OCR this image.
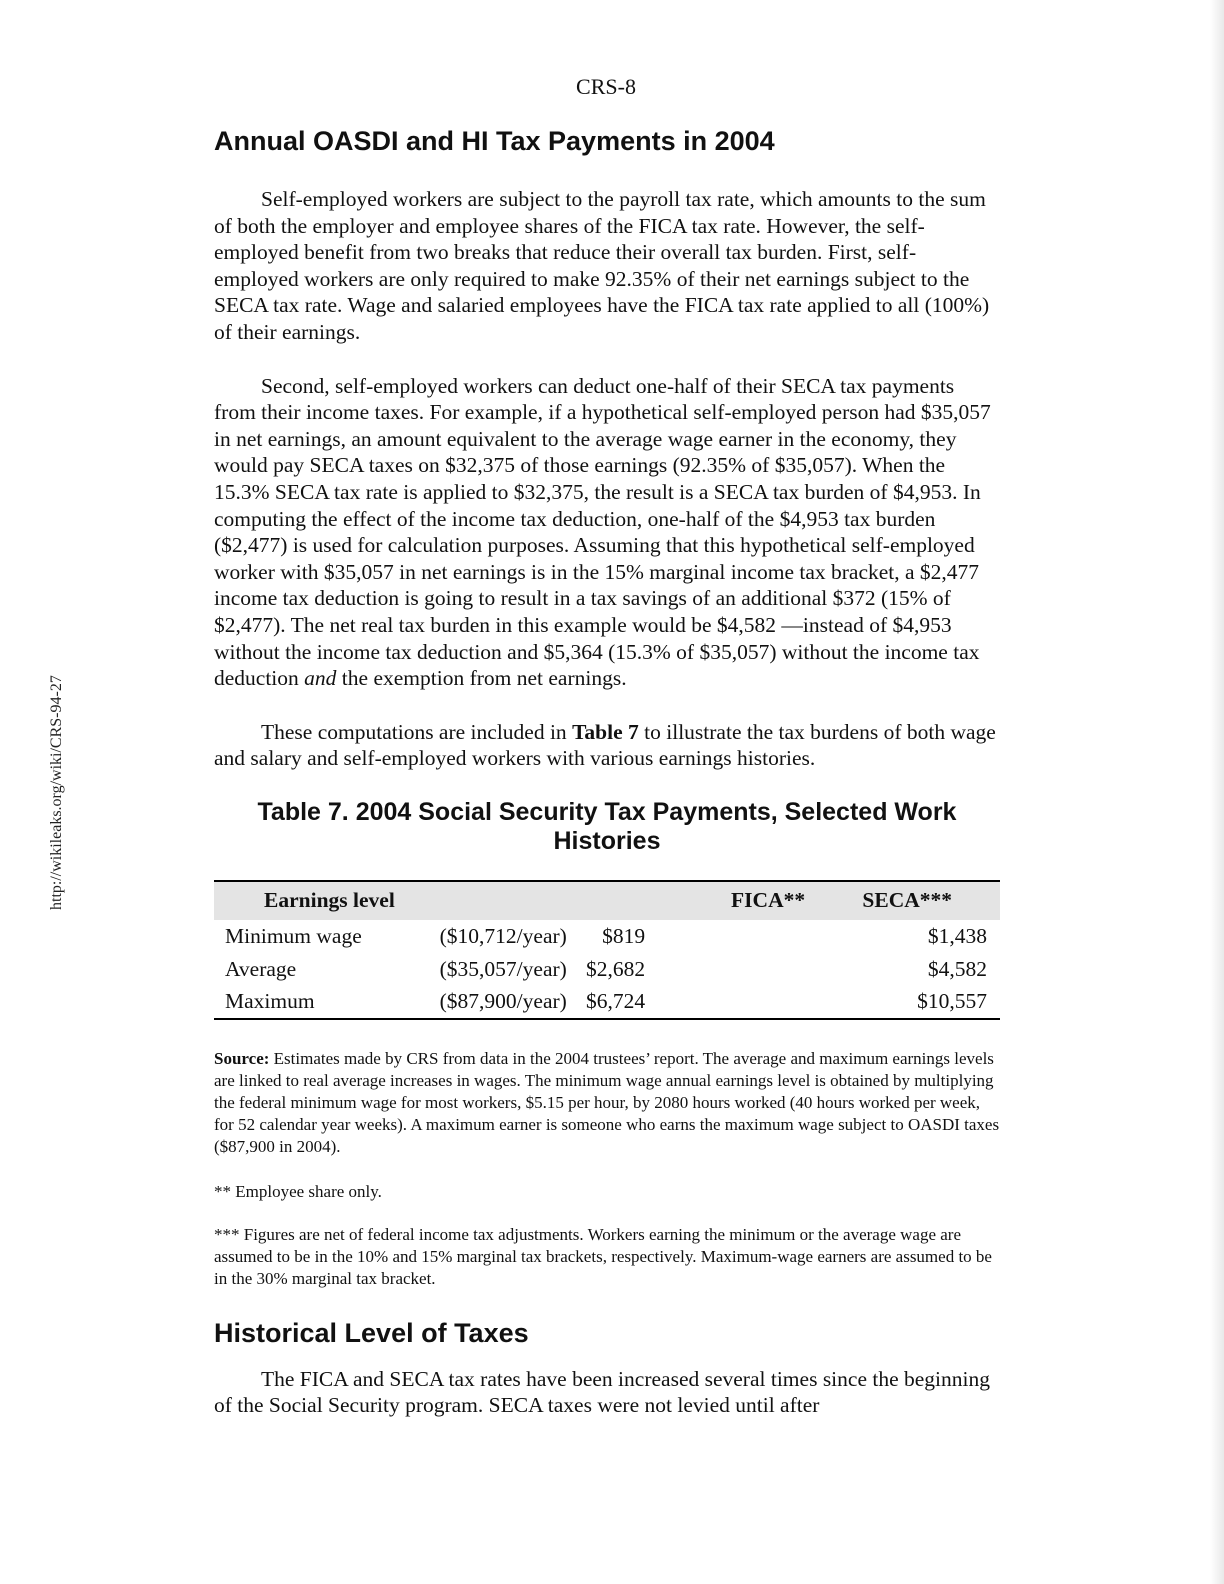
http://wikileaks.org/wiki/CRS-94-27
CRS-8
Annual OASDI and HI Tax Payments in 2004

Self-employed workers are subject to the payroll tax rate, which amounts to the sum of both the employer and employee shares of the FICA tax rate. However, the self-employed benefit from two breaks that reduce their overall tax burden. First, self-employed workers are only required to make 92.35% of their net earnings subject to the SECA tax rate. Wage and salaried employees have the FICA tax rate applied to all (100%) of their earnings.

Second, self-employed workers can deduct one-half of their SECA tax payments from their income taxes. For example, if a hypothetical self-employed person had $35,057 in net earnings, an amount equivalent to the average wage earner in the economy, they would pay SECA taxes on $32,375 of those earnings (92.35% of $35,057). When the 15.3% SECA tax rate is applied to $32,375, the result is a SECA tax burden of $4,953. In computing the effect of the income tax deduction, one-half of the $4,953 tax burden ($2,477) is used for calculation purposes. Assuming that this hypothetical self-employed worker with $35,057 in net earnings is in the 15% marginal income tax bracket, a $2,477 income tax deduction is going to result in a tax savings of an additional $372 (15% of $2,477). The net real tax burden in this example would be $4,582 —instead of $4,953 without the income tax deduction and $5,364 (15.3% of $35,057) without the income tax deduction and the exemption from net earnings.

These computations are included in Table 7 to illustrate the tax burdens of both wage and salary and self-employed workers with various earnings histories.

Table 7. 2004 Social Security Tax Payments, Selected Work Histories

Earnings level		FICA**	SECA***
Minimum wage	($10,712/year)	$819	$1,438
Average	($35,057/year)	$2,682	$4,582
Maximum	($87,900/year)	$6,724	$10,557

Source: Estimates made by CRS from data in the 2004 trustees’ report. The average and maximum earnings levels are linked to real average increases in wages. The minimum wage annual earnings level is obtained by multiplying the federal minimum wage for most workers, $5.15 per hour, by 2080 hours worked (40 hours worked per week, for 52 calendar year weeks). A maximum earner is someone who earns the maximum wage subject to OASDI taxes ($87,900 in 2004).

** Employee share only.

*** Figures are net of federal income tax adjustments. Workers earning the minimum or the average wage are assumed to be in the 10% and 15% marginal tax brackets, respectively. Maximum-wage earners are assumed to be in the 30% marginal tax bracket.

Historical Level of Taxes

The FICA and SECA tax rates have been increased several times since the beginning of the Social Security program. SECA taxes were not levied until after
